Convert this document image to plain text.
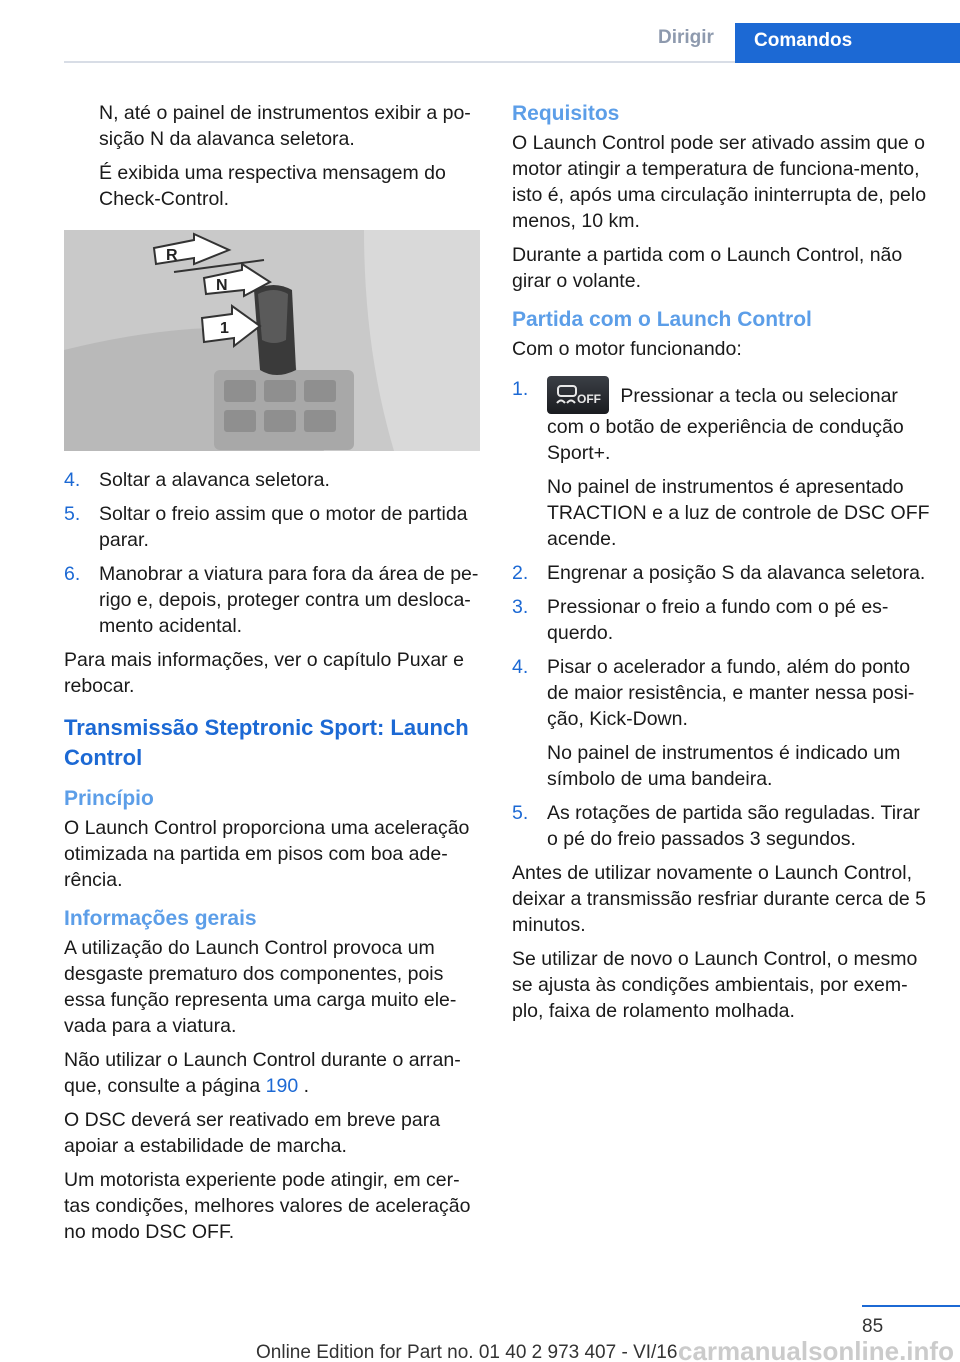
Dirigir	Comandos

N, até o painel de instrumentos exibir a po-sição N da alavanca seletora.

É exibida uma respectiva mensagem do Check-Control.

R
N
1
4. Soltar a alavanca seletora.
5. Soltar o freio assim que o motor de partida parar.
6. Manobrar a viatura para fora da área de pe-rigo e, depois, proteger contra um desloca-mento acidental.

Para mais informações, ver o capítulo Puxar e rebocar.

Transmissão Steptronic Sport: Launch Control
Princípio

O Launch Control proporciona uma aceleração otimizada na partida em pisos com boa ade-rência.

Informações gerais

A utilização do Launch Control provoca um desgaste prematuro dos componentes, pois essa função representa uma carga muito ele-vada para a viatura.

Não utilizar o Launch Control durante o arran-que, consulte a página 190 .

O DSC deverá ser reativado em breve para apoiar a estabilidade de marcha.

Um motorista experiente pode atingir, em cer-tas condições, melhores valores de aceleração no modo DSC OFF.

Requisitos

O Launch Control pode ser ativado assim que o motor atingir a temperatura de funciona-mento, isto é, após uma circulação ininterrupta de, pelo menos, 10 km.

Durante a partida com o Launch Control, não girar o volante.

Partida com o Launch Control

Com o motor funcionando:

1.	OFF Pressionar a tecla ou selecionar com o botão de experiência de condução Sport+.

No painel de instrumentos é apresentado TRACTION e a luz de controle de DSC OFF acende.

2. Engrenar a posição S da alavanca seletora.
3. Pressionar o freio a fundo com o pé es-querdo.
4. Pisar o acelerador a fundo, além do ponto de maior resistência, e manter nessa posi-ção, Kick-Down.

No painel de instrumentos é indicado um símbolo de uma bandeira.

5. As rotações de partida são reguladas. Tirar o pé do freio passados 3 segundos.

Antes de utilizar novamente o Launch Control, deixar a transmissão resfriar durante cerca de 5 minutos.

Se utilizar de novo o Launch Control, o mesmo se ajusta às condições ambientais, por exem-plo, faixa de rolamento molhada.

85
Online Edition for Part no. 01 40 2 973 407 - VI/16 carmanualsonline.info
